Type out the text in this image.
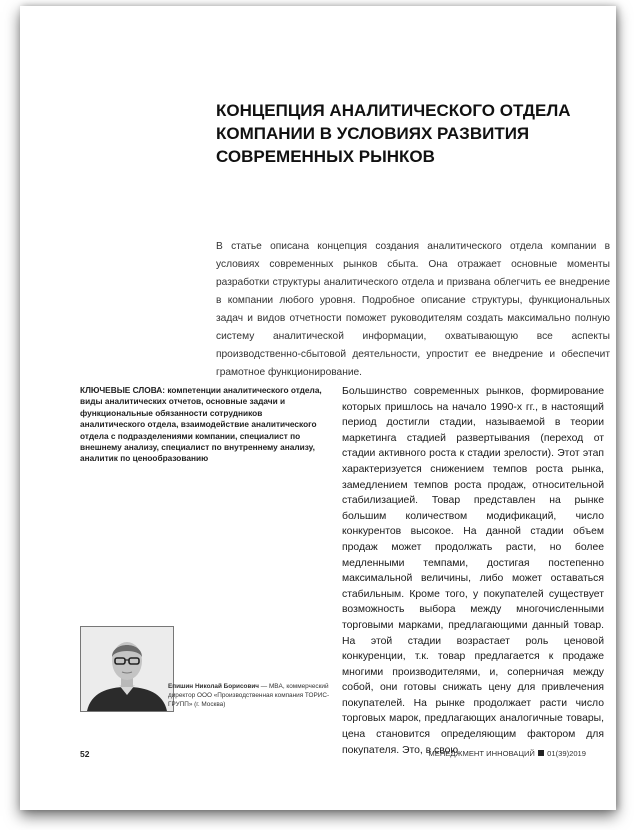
КОНЦЕПЦИЯ АНАЛИТИЧЕСКОГО ОТДЕЛА
КОМПАНИИ В УСЛОВИЯХ РАЗВИТИЯ
СОВРЕМЕННЫХ РЫНКОВ

В статье описана концепция создания аналитического отдела компании в условиях современных рынков сбыта. Она отражает основные моменты разработки структуры аналитического отдела и призвана облегчить ее внедрение в компании любого уровня. Подробное описание структуры, функциональных задач и видов отчетности поможет руководителям создать максимально полную систему аналитической информации, охватывающую все аспекты производственно-сбытовой деятельности, упростит ее внедрение и обеспечит грамотное функционирование.

КЛЮЧЕВЫЕ СЛОВА: компетенции аналитического отдела, виды аналитических отчетов, основные задачи и функциональные обязанности сотрудников аналитического отдела, взаимодействие аналитического отдела с подразделениями компании, специалист по внешнему анализу, специалист по внутреннему анализу, аналитик по ценообразованию

Большинство современных рынков, формирование которых пришлось на начало 1990-х гг., в настоящий период достигли стадии, называемой в теории маркетинга стадией развертывания (переход от стадии активного роста к стадии зрелости). Этот этап характеризуется снижением темпов роста рынка, замедлением темпов роста продаж, относительной стабилизацией. Товар представлен на рынке большим количеством модификаций, число конкурентов высокое. На данной стадии объем продаж может продолжать расти, но более медленными темпами, достигая постепенно максимальной величины, либо может оставаться стабильным. Кроме того, у покупателей существует возможность выбора между многочисленными торговыми марками, предлагающими данный товар. На этой стадии возрастает роль ценовой конкуренции, т.к. товар предлагается к продаже многими производителями, и, соперничая между собой, они готовы снижать цену для привлечения покупателей. На рынке продолжает расти число торговых марок, предлагающих аналогичные товары, цена становится определяющим фактором для покупателя. Это, в свою

Епишин Николай Борисович — MBA, коммерческий директор ООО «Производственная компания ТОРИС-ГРУПП» (г. Москва)

52	МЕНЕДЖМЕНТ ИННОВАЦИЙ 01(39)2019
